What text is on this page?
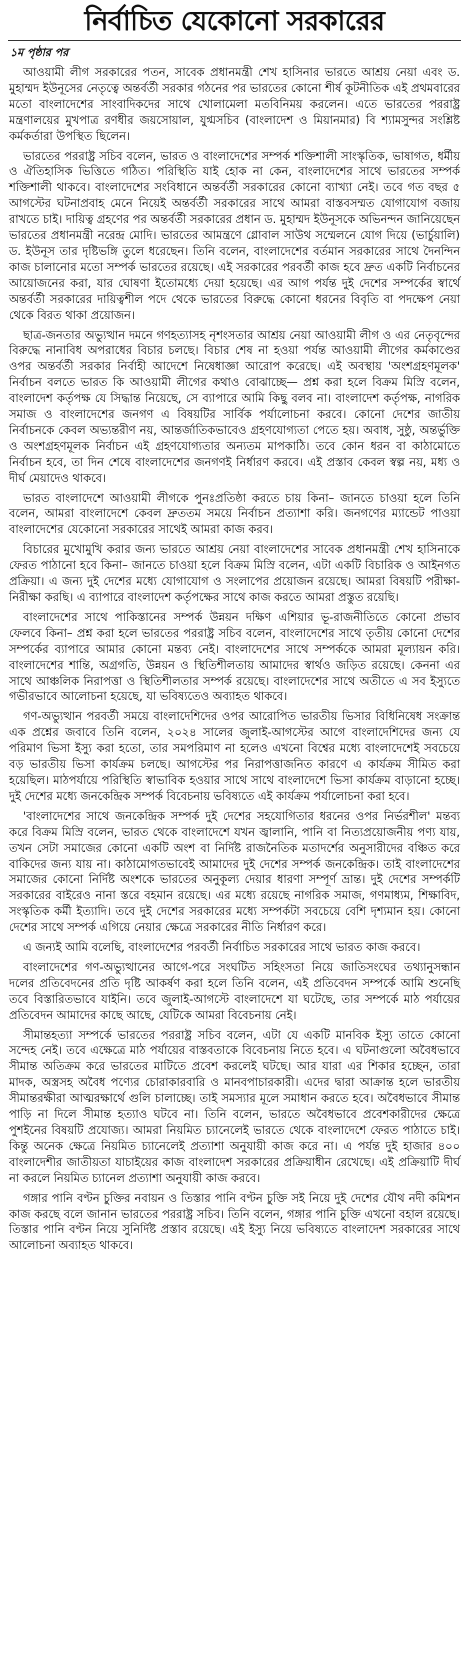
নির্বাচিত যেকোনো সরকারের
১ম পৃষ্ঠার পর

আওয়ামী লীগ সরকারের পতন, সাবেক প্রধানমন্ত্রী শেখ হাসিনার ভারতে আশ্রয় নেয়া এবং ড. মুহাম্মদ ইউনূসের নেতৃত্বে অন্তর্বর্তী সরকার গঠনের পর ভারতের কোনো শীর্ষ কূটনীতিক এই প্রথমবারের মতো বাংলাদেশের সাংবাদিকদের সাথে খোলামেলা মতবিনিময় করলেন। এতে ভারতের পররাষ্ট্র মন্ত্রণালয়ের মুখপাত্র রণধীর জয়সোয়াল, যুগ্মসচিব (বাংলাদেশ ও মিয়ানমার) বি শ্যামসুন্দর সংশ্লিষ্ট কর্মকর্তারা উপস্থিত ছিলেন।

ভারতের পররাষ্ট্র সচিব বলেন, ভারত ও বাংলাদেশের সম্পর্ক শক্তিশালী সাংস্কৃতিক, ভাষাগত, ধর্মীয় ও ঐতিহাসিক ভিত্তিতে গঠিত। পরিস্থিতি যাই হোক না কেন, বাংলাদেশের সাথে ভারতের সম্পর্ক শক্তিশালী থাকবে। বাংলাদেশের সংবিধানে অন্তর্বর্তী সরকারের কোনো ব্যাখ্যা নেই। তবে গত বছর ৫ আগস্টের ঘটনাপ্রবাহ মেনে নিয়েই অন্তর্বর্তী সরকারের সাথে আমরা বাস্তবসম্মত যোগাযোগ বজায় রাখতে চাই। দায়িত্ব গ্রহণের পর অন্তর্বর্তী সরকারের প্রধান ড. মুহাম্মদ ইউনূসকে অভিনন্দন জানিয়েছেন ভারতের প্রধানমন্ত্রী নরেন্দ্র মোদি। ভারতের আমন্ত্রণে গ্লোবাল সাউথ সম্মেলনে যোগ দিয়ে (ভার্চুয়ালি) ড. ইউনূস তার দৃষ্টিভঙ্গি তুলে ধরেছেন। তিনি বলেন, বাংলাদেশের বর্তমান সরকারের সাথে দৈনন্দিন কাজ চালানোর মতো সম্পর্ক ভারতের রয়েছে। এই সরকারের পরবর্তী কাজ হবে দ্রুত একটি নির্বাচনের আয়োজনের করা, যার ঘোষণা ইতোমধ্যে দেয়া হয়েছে। এর আগ পর্যন্ত দুই দেশের সম্পর্কের স্বার্থে অন্তর্বর্তী সরকারের দায়িত্বশীল পদে থেকে ভারতের বিরুদ্ধে কোনো ধরনের বিবৃতি বা পদক্ষেপ নেয়া থেকে বিরত থাকা প্রয়োজন।

ছাত্র-জনতার অভ্যুত্থান দমনে গণহত্যাসহ নৃশংসতার আশ্রয় নেয়া আওয়ামী লীগ ও এর নেতৃবৃন্দের বিরুদ্ধে নানাবিধ অপরাধের বিচার চলছে। বিচার শেষ না হওয়া পর্যন্ত আওয়ামী লীগের কর্মকাণ্ডের ওপর অন্তর্বর্তী সরকার নির্বাহী আদেশে নিষেধাজ্ঞা আরোপ করেছে। এই অবস্থায় 'অংশগ্রহণমূলক' নির্বাচন বলতে ভারত কি আওয়ামী লীগের কথাও বোঝাচ্ছে— প্রশ্ন করা হলে বিক্রম মিস্রি বলেন, বাংলাদেশ কর্তৃপক্ষ যে সিদ্ধান্ত নিয়েছে, সে ব্যাপারে আমি কিছু বলব না। বাংলাদেশ কর্তৃপক্ষ, নাগরিক সমাজ ও বাংলাদেশের জনগণ এ বিষয়টির সার্বিক পর্যালোচনা করবে। কোনো দেশের জাতীয় নির্বাচনকে কেবল অভ্যন্তরীণ নয়, আন্তর্জাতিকভাবেও গ্রহণযোগ্যতা পেতে হয়। অবাধ, সুষ্ঠু, অন্তর্ভুক্তি ও অংশগ্রহণমূলক নির্বাচন এই গ্রহণযোগ্যতার অন্যতম মাপকাঠি। তবে কোন ধরন বা কাঠামোতে নির্বাচন হবে, তা দিন শেষে বাংলাদেশের জনগণই নির্ধারণ করবে। এই প্রস্তাব কেবল স্বল্প নয়, মধ্য ও দীর্ঘ মেয়াদেও থাকবে।

ভারত বাংলাদেশে আওয়ামী লীগকে পুনঃপ্রতিষ্ঠা করতে চায় কিনা– জানতে চাওয়া হলে তিনি বলেন, আমরা বাংলাদেশে কেবল দ্রুততম সময়ে নির্বাচন প্রত্যাশা করি। জনগণের ম্যান্ডেট পাওয়া বাংলাদেশের যেকোনো সরকারের সাথেই আমরা কাজ করব।

বিচারের মুখোমুখি করার জন্য ভারতে আশ্রয় নেয়া বাংলাদেশের সাবেক প্রধানমন্ত্রী শেখ হাসিনাকে ফেরত পাঠানো হবে কিনা– জানতে চাওয়া হলে বিক্রম মিস্রি বলেন, এটা একটি বিচারিক ও আইনগত প্রক্রিয়া। এ জন্য দুই দেশের মধ্যে যোগাযোগ ও সংলাপের প্রয়োজন রয়েছে। আমরা বিষয়টি পরীক্ষা-নিরীক্ষা করছি। এ ব্যাপারে বাংলাদেশ কর্তৃপক্ষের সাথে কাজ করতে আমরা প্রস্তুত রয়েছি।

বাংলাদেশের সাথে পাকিস্তানের সম্পর্ক উন্নয়ন দক্ষিণ এশিয়ার ভূ-রাজনীতিতে কোনো প্রভাব ফেলবে কিনা– প্রশ্ন করা হলে ভারতের পররাষ্ট্র সচিব বলেন, বাংলাদেশের সাথে তৃতীয় কোনো দেশের সম্পর্কের ব্যাপারে আমার কোনো মন্তব্য নেই। বাংলাদেশের সাথে সম্পর্ককে আমরা মূল্যায়ন করি। বাংলাদেশের শান্তি, অগ্রগতি, উন্নয়ন ও স্থিতিশীলতায় আমাদের স্বার্থও জড়িত রয়েছে। কেননা এর সাথে আঞ্চলিক নিরাপত্তা ও স্থিতিশীলতার সম্পর্ক রয়েছে। বাংলাদেশের সাথে অতীতে এ সব ইস্যুতে গভীরভাবে আলোচনা হয়েছে, যা ভবিষ্যতেও অব্যাহত থাকবে।

গণ-অভ্যুত্থান পরবর্তী সময়ে বাংলাদেশিদের ওপর আরোপিত ভারতীয় ভিসার বিধিনিষেধ সংক্রান্ত এক প্রশ্নের জবাবে তিনি বলেন, ২০২৪ সালের জুলাই-আগস্টের আগে বাংলাদেশিদের জন্য যে পরিমাণ ভিসা ইস্যু করা হতো, তার সমপরিমাণ না হলেও এখনো বিশ্বের মধ্যে বাংলাদেশেই সবচেয়ে বড় ভারতীয় ভিসা কার্যক্রম চলছে। আগস্টের পর নিরাপত্তাজনিত কারণে এ কার্যক্রম সীমিত করা হয়েছিল। মাঠপর্যায়ে পরিস্থিতি স্বাভাবিক হওয়ার সাথে সাথে বাংলাদেশে ভিসা কার্যক্রম বাড়ানো হচ্ছে। দুই দেশের মধ্যে জনকেন্দ্রিক সম্পর্ক বিবেচনায় ভবিষ্যতে এই কার্যক্রম পর্যালোচনা করা হবে।

'বাংলাদেশের সাথে জনকেন্দ্রিক সম্পর্ক দুই দেশের সহযোগিতার ধরনের ওপর নির্ভরশীল' মন্তব্য করে বিক্রম মিস্রি বলেন, ভারত থেকে বাংলাদেশে যখন জ্বালানি, পানি বা নিত্যপ্রয়োজনীয় পণ্য যায়, তখন সেটা সমাজের কোনো একটি অংশ বা নির্দিষ্ট রাজনৈতিক মতাদর্শের অনুসারীদের বঞ্চিত করে বাকিদের জন্য যায় না। কাঠামোগতভাবেই আমাদের দুই দেশের সম্পর্ক জনকেন্দ্রিক। তাই বাংলাদেশের সমাজের কোনো নির্দিষ্ট অংশকে ভারতের অনুকূল্য দেয়ার ধারণা সম্পূর্ণ ভ্রান্ত। দুই দেশের সম্পর্কটি সরকারের বাইরেও নানা স্তরে বহমান রয়েছে। এর মধ্যে রয়েছে নাগরিক সমাজ, গণমাধ্যম, শিক্ষাবিদ, সংস্কৃতিক কর্মী ইত্যাদি। তবে দুই দেশের সরকারের মধ্যে সম্পর্কটা সবচেয়ে বেশি দৃশ্যমান হয়। কোনো দেশের সাথে সম্পর্ক এগিয়ে নেয়ার ক্ষেত্রে সরকারের নীতি নির্ধারণ করে।

এ জন্যই আমি বলেছি, বাংলাদেশের পরবর্তী নির্বাচিত সরকারের সাথে ভারত কাজ করবে।

বাংলাদেশের গণ-অভ্যুত্থানের আগে-পরে সংঘটিত সহিংসতা নিয়ে জাতিসংঘের তথ্যানুসন্ধান দলের প্রতিবেদনের প্রতি দৃষ্টি আকর্ষণ করা হলে তিনি বলেন, এই প্রতিবেদন সম্পর্কে আমি শুনেছি তবে বিস্তারিতভাবে যাইনি। তবে জুলাই-আগস্টে বাংলাদেশে যা ঘটেছে, তার সম্পর্কে মাঠ পর্যায়ের প্রতিবেদন আমাদের কাছে আছে, যেটিকে আমরা বিবেচনায় নেই।

সীমান্তহত্যা সম্পর্কে ভারতের পররাষ্ট্র সচিব বলেন, এটা যে একটি মানবিক ইস্যু তাতে কোনো সন্দেহ নেই। তবে এক্ষেত্রে মাঠ পর্যায়ের বাস্তবতাকে বিবেচনায় নিতে হবে। এ ঘটনাগুলো অবৈধভাবে সীমান্ত অতিক্রম করে ভারতের মাটিতে প্রবেশ করলেই ঘটছে। আর যারা এর শিকার হচ্ছেন, তারা মাদক, অস্ত্রসহ অবৈধ পণ্যের চোরাকারবারি ও মানবপাচারকারী। এদের দ্বারা আক্রান্ত হলে ভারতীয় সীমান্তরক্ষীরা আত্মরক্ষার্থে গুলি চালাচ্ছে। তাই সমস্যার মূলে সমাধান করতে হবে। অবৈধভাবে সীমান্ত পাড়ি না দিলে সীমান্ত হত্যাও ঘটবে না। তিনি বলেন, ভারতে অবৈধভাবে প্রবেশকারীদের ক্ষেত্রে পুশইনের বিষয়টি প্রযোজ্য। আমরা নিয়মিত চ্যানেলেই ভারতে থেকে বাংলাদেশে ফেরত পাঠাতে চাই। কিন্তু অনেক ক্ষেত্রে নিয়মিত চ্যানেলেই প্রত্যাশা অনুযায়ী কাজ করে না। এ পর্যন্ত দুই হাজার ৪০০ বাংলাদেশীর জাতীয়তা যাচাইয়ের কাজ বাংলাদেশ সরকারের প্রক্রিয়াধীন রেখেছে। এই প্রক্রিয়াটি দীর্ঘ না করলে নিয়মিত চ্যানেল প্রত্যাশা অনুযায়ী কাজ করবে।

গঙ্গার পানি বণ্টন চুক্তির নবায়ন ও তিস্তার পানি বণ্টন চুক্তি সই নিয়ে দুই দেশের যৌথ নদী কমিশন কাজ করছে বলে জানান ভারতের পররাষ্ট্র সচিব। তিনি বলেন, গঙ্গার পানি চুক্তি এখনো বহাল রয়েছে। তিস্তার পানি বণ্টন নিয়ে সুনির্দিষ্ট প্রস্তাব রয়েছে। এই ইস্যু নিয়ে ভবিষ্যতে বাংলাদেশ সরকারের সাথে আলোচনা অব্যাহত থাকবে।
